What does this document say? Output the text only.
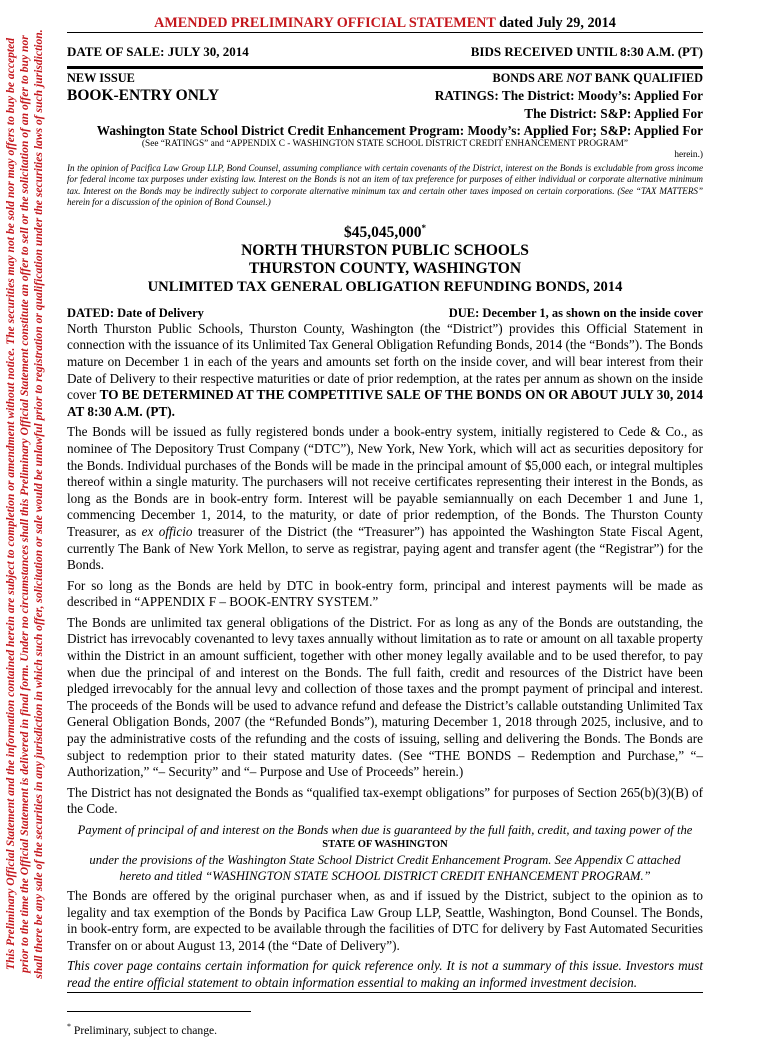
This Preliminary Official Statement and the information contained herein are subject to completion or amendment without notice. The securities may not be sold nor may offers to buy be accepted prior to the time the Official Statement is delivered in final form. Under no circumstances shall this Preliminary Official Statement constitute an offer to sell or the solicitation of an offer to buy nor shall there be any sale of the securities in any jurisdiction in which such offer, solicitation or sale would be unlawful prior to registration or qualification under the securities laws of such jurisdiction.
AMENDED PRELIMINARY OFFICIAL STATEMENT dated July 29, 2014
DATE OF SALE: JULY 30, 2014	BIDS RECEIVED UNTIL 8:30 A.M. (PT)
NEW ISSUE	BONDS ARE NOT BANK QUALIFIED
BOOK-ENTRY ONLY	RATINGS: The District: Moody’s: Applied For
The District: S&P: Applied For
Washington State School District Credit Enhancement Program: Moody’s: Applied For; S&P: Applied For
(See “RATINGS” and “APPENDIX C - WASHINGTON STATE SCHOOL DISTRICT CREDIT ENHANCEMENT PROGRAM”
herein.)
In the opinion of Pacifica Law Group LLP, Bond Counsel, assuming compliance with certain covenants of the District, interest on the Bonds is excludable from gross income for federal income tax purposes under existing law. Interest on the Bonds is not an item of tax preference for purposes of either individual or corporate alternative minimum tax. Interest on the Bonds may be indirectly subject to corporate alternative minimum tax and certain other taxes imposed on certain corporations. (See “TAX MATTERS” herein for a discussion of the opinion of Bond Counsel.)
$45,045,000*
NORTH THURSTON PUBLIC SCHOOLS
THURSTON COUNTY, WASHINGTON
UNLIMITED TAX GENERAL OBLIGATION REFUNDING BONDS, 2014
DATED: Date of Delivery	DUE: December 1, as shown on the inside cover

North Thurston Public Schools, Thurston County, Washington (the “District”) provides this Official Statement in connection with the issuance of its Unlimited Tax General Obligation Refunding Bonds, 2014 (the “Bonds”). The Bonds mature on December 1 in each of the years and amounts set forth on the inside cover, and will bear interest from their Date of Delivery to their respective maturities or date of prior redemption, at the rates per annum as shown on the inside cover TO BE DETERMINED AT THE COMPETITIVE SALE OF THE BONDS ON OR ABOUT JULY 30, 2014 AT 8:30 A.M. (PT).

The Bonds will be issued as fully registered bonds under a book-entry system, initially registered to Cede & Co., as nominee of The Depository Trust Company (“DTC”), New York, New York, which will act as securities depository for the Bonds. Individual purchases of the Bonds will be made in the principal amount of $5,000 each, or integral multiples thereof within a single maturity. The purchasers will not receive certificates representing their interest in the Bonds, as long as the Bonds are in book-entry form. Interest will be payable semiannually on each December 1 and June 1, commencing December 1, 2014, to the maturity, or date of prior redemption, of the Bonds. The Thurston County Treasurer, as ex officio treasurer of the District (the “Treasurer”) has appointed the Washington State Fiscal Agent, currently The Bank of New York Mellon, to serve as registrar, paying agent and transfer agent (the “Registrar”) for the Bonds.

For so long as the Bonds are held by DTC in book-entry form, principal and interest payments will be made as described in “APPENDIX F – BOOK-ENTRY SYSTEM.”

The Bonds are unlimited tax general obligations of the District. For as long as any of the Bonds are outstanding, the District has irrevocably covenanted to levy taxes annually without limitation as to rate or amount on all taxable property within the District in an amount sufficient, together with other money legally available and to be used therefor, to pay when due the principal of and interest on the Bonds. The full faith, credit and resources of the District have been pledged irrevocably for the annual levy and collection of those taxes and the prompt payment of principal and interest. The proceeds of the Bonds will be used to advance refund and defease the District’s callable outstanding Unlimited Tax General Obligation Bonds, 2007 (the “Refunded Bonds”), maturing December 1, 2018 through 2025, inclusive, and to pay the administrative costs of the refunding and the costs of issuing, selling and delivering the Bonds. The Bonds are subject to redemption prior to their stated maturity dates. (See “THE BONDS – Redemption and Purchase,” “– Authorization,” “– Security” and “– Purpose and Use of Proceeds” herein.)

The District has not designated the Bonds as “qualified tax-exempt obligations” for purposes of Section 265(b)(3)(B) of the Code.

Payment of principal of and interest on the Bonds when due is guaranteed by the full faith, credit, and taxing power of the

STATE OF WASHINGTON

under the provisions of the Washington State School District Credit Enhancement Program. See Appendix C attached

hereto and titled “WASHINGTON STATE SCHOOL DISTRICT CREDIT ENHANCEMENT PROGRAM.”

The Bonds are offered by the original purchaser when, as and if issued by the District, subject to the opinion as to legality and tax exemption of the Bonds by Pacifica Law Group LLP, Seattle, Washington, Bond Counsel. The Bonds, in book-entry form, are expected to be available through the facilities of DTC for delivery by Fast Automated Securities Transfer on or about August 13, 2014 (the “Date of Delivery”).

This cover page contains certain information for quick reference only. It is not a summary of this issue. Investors must read the entire official statement to obtain information essential to making an informed investment decision.

* Preliminary, subject to change.
